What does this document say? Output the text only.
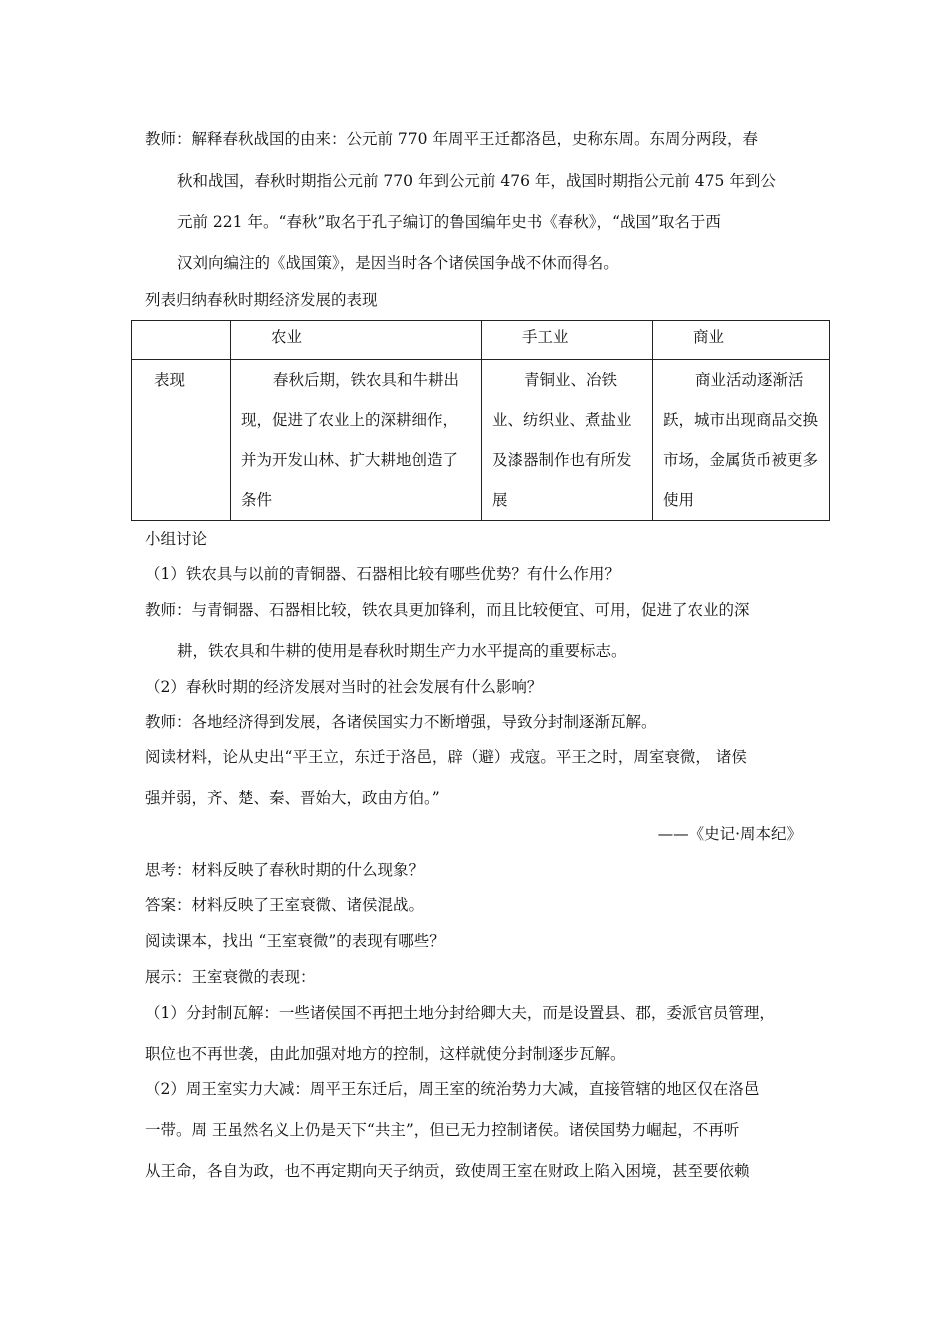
教师：解释春秋战国的由来：公元前 770 年周平王迁都洛邑，史称东周。东周分两段，春
秋和战国，春秋时期指公元前 770 年到公元前 476 年，战国时期指公元前 475 年到公
元前 221 年。“春秋”取名于孔子编订的鲁国编年史书《春秋》，“战国”取名于西
汉刘向编注的《战国策》，是因当时各个诸侯国争战不休而得名。
列表归纳春秋时期经济发展的表现
	农业	手工业	商业
表现	春秋后期，铁农具和牛耕出现，促进了农业上的深耕细作，并为开发山林、扩大耕地创造了条件	青铜业、冶铁业、纺织业、煮盐业及漆器制作也有所发展	商业活动逐渐活跃，城市出现商品交换市场，金属货币被更多使用
小组讨论
（1）铁农具与以前的青铜器、石器相比较有哪些优势？有什么作用？
教师：与青铜器、石器相比较，铁农具更加锋利，而且比较便宜、可用，促进了农业的深
耕，铁农具和牛耕的使用是春秋时期生产力水平提高的重要标志。
（2）春秋时期的经济发展对当时的社会发展有什么影响？
教师：各地经济得到发展，各诸侯国实力不断增强，导致分封制逐渐瓦解。
阅读材料，论从史出“平王立，东迁于洛邑，辟（避）戎寇。平王之时，周室衰微， 诸侯
强并弱，齐、楚、秦、晋始大，政由方伯。”
——《史记·周本纪》
思考：材料反映了春秋时期的什么现象？
答案：材料反映了王室衰微、诸侯混战。
阅读课本，找出 “王室衰微”的表现有哪些？
展示：王室衰微的表现：
（1）分封制瓦解：一些诸侯国不再把土地分封给卿大夫，而是设置县、郡，委派官员管理，
职位也不再世袭，由此加强对地方的控制，这样就使分封制逐步瓦解。
（2）周王室实力大减：周平王东迁后，周王室的统治势力大减，直接管辖的地区仅在洛邑
一带。周 王虽然名义上仍是天下“共主”，但已无力控制诸侯。诸侯国势力崛起，不再听
从王命，各自为政，也不再定期向天子纳贡，致使周王室在财政上陷入困境，甚至要依赖
